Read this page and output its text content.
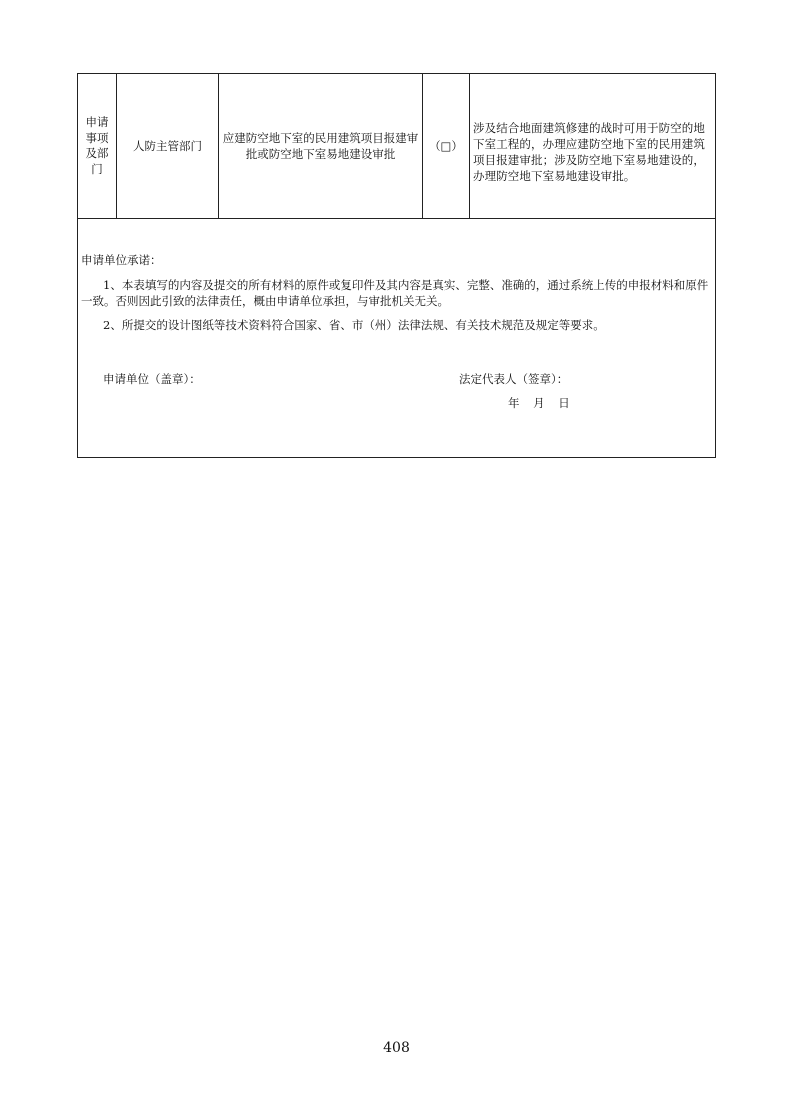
申请事项及部门
人防主管部门
应建防空地下室的民用建筑项目报建审批或防空地下室易地建设审批
（□）
涉及结合地面建筑修建的战时可用于防空的地下室工程的，办理应建防空地下室的民用建筑项目报建审批；涉及防空地下室易地建设的，办理防空地下室易地建设审批。
申请单位承诺：
1、本表填写的内容及提交的所有材料的原件或复印件及其内容是真实、完整、准确的，通过系统上传的申报材料和原件一致。否则因此引致的法律责任，概由申请单位承担，与审批机关无关。
2、所提交的设计图纸等技术资料符合国家、省、市（州）法律法规、有关技术规范及规定等要求。
申请单位（盖章）：	法定代表人（签章）：
年 月 日
408
